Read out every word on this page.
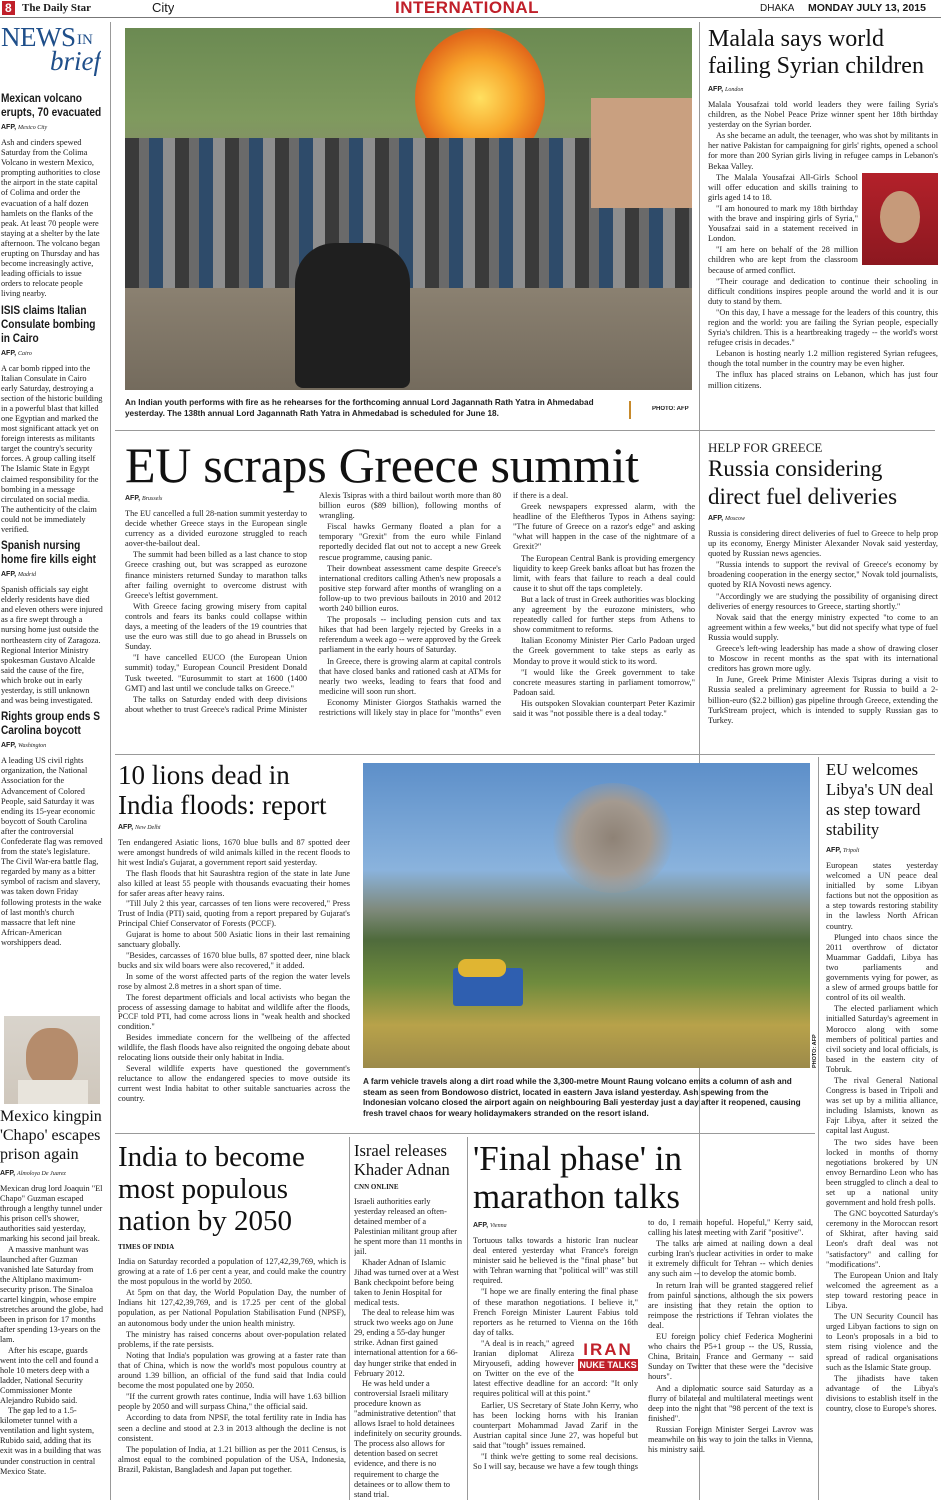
8 The Daily Star	City	INTERNATIONAL	DHAKA MONDAY JULY 13, 2015
NEWS IN
brief
Mexican volcano erupts, 70 evacuated
AFP, Mexico City
Ash and cinders spewed Saturday from the Colima Volcano in western Mexico, prompting authorities to close the airport in the state capital of Colima and order the evacuation of a half dozen hamlets on the flanks of the peak. At least 70 people were staying at a shelter by the late afternoon. The volcano began erupting on Thursday and has become increasingly active, leading officials to issue orders to relocate people living nearby.
ISIS claims Italian Consulate bombing in Cairo
AFP, Cairo
A car bomb ripped into the Italian Consulate in Cairo early Saturday, destroying a section of the historic building in a powerful blast that killed one Egyptian and marked the most significant attack yet on foreign interests as militants target the country's security forces. A group calling itself The Islamic State in Egypt claimed responsibility for the bombing in a message circulated on social media. The authenticity of the claim could not be immediately verified.
Spanish nursing home fire kills eight
AFP, Madrid
Spanish officials say eight elderly residents have died and eleven others were injured as a fire swept through a nursing home just outside the northeastern city of Zaragoza. Regional Interior Ministry spokesman Gustavo Alcalde said the cause of the fire, which broke out in early yesterday, is still unknown and was being investigated.
Rights group ends S Carolina boycott
AFP, Washington
A leading US civil rights organization, the National Association for the Advancement of Colored People, said Saturday it was ending its 15-year economic boycott of South Carolina after the controversial Confederate flag was removed from the state's legislature. The Civil War-era battle flag, regarded by many as a bitter symbol of racism and slavery, was taken down Friday following protests in the wake of last month's church massacre that left nine African-American worshippers dead.
An Indian youth performs with fire as he rehearses for the forthcoming annual Lord Jagannath Rath Yatra in Ahmedabad yesterday. The 138th annual Lord Jagannath Rath Yatra in Ahmedabad is scheduled for June 18.	PHOTO: AFP
Malala says world failing Syrian children
AFP, London

Malala Yousafzai told world leaders they were failing Syria's children, as the Nobel Peace Prize winner spent her 18th birthday yesterday on the Syrian border.

As she became an adult, the teenager, who was shot by militants in her native Pakistan for campaigning for girls' rights, opened a school for more than 200 Syrian girls living in refugee camps in Lebanon's Bekaa Valley.

The Malala Yousafzai All-Girls School will offer education and skills training to girls aged 14 to 18.

"I am honoured to mark my 18th birthday with the brave and inspiring girls of Syria," Yousafzai said in a statement received in London.

"I am here on behalf of the 28 million children who are kept from the classroom because of armed conflict.

"Their courage and dedication to continue their schooling in difficult conditions inspires people around the world and it is our duty to stand by them.

"On this day, I have a message for the leaders of this country, this region and the world: you are failing the Syrian people, especially Syria's children. This is a heartbreaking tragedy -- the world's worst refugee crisis in decades."

Lebanon is hosting nearly 1.2 million registered Syrian refugees, though the total number in the country may be even higher.

The influx has placed strains on Lebanon, which has just four million citizens.

EU scraps Greece summit
AFP, Brussels

The EU cancelled a full 28-nation summit yesterday to decide whether Greece stays in the European single currency as a divided eurozone struggled to reach aover-the-bailout deal.

The summit had been billed as a last chance to stop Greece crashing out, but was scrapped as eurozone finance ministers returned Sunday to marathon talks after failing overnight to overcome distrust with Greece's leftist government.

With Greece facing growing misery from capital controls and fears its banks could collapse within days, a meeting of the leaders of the 19 countries that use the euro was still due to go ahead in Brussels on Sunday.

"I have cancelled EUCO (the European Union summit) today," European Council President Donald Tusk tweeted. "Eurosummit to start at 1600 (1400 GMT) and last until we conclude talks on Greece."

The talks on Saturday ended with deep divisions about whether to trust Greece's radical Prime Minister Alexis Tsipras with a third bailout worth more than 80 billion euros ($89 billion), following months of wrangling.

Fiscal hawks Germany floated a plan for a temporary "Grexit" from the euro while Finland reportedly decided flat out not to accept a new Greek rescue programme, causing panic.

Their downbeat assessment came despite Greece's international creditors calling Athen's new proposals a positive step forward after months of wrangling on a follow-up to two previous bailouts in 2010 and 2012 worth 240 billion euros.

The proposals -- including pension cuts and tax hikes that had been largely rejected by Greeks in a referendum a week ago -- were approved by the Greek parliament in the early hours of Saturday.

In Greece, there is growing alarm at capital controls that have closed banks and rationed cash at ATMs for nearly two weeks, leading to fears that food and medicine will soon run short.

Economy Minister Giorgos Stathakis warned the restrictions will likely stay in place for "months" even if there is a deal.

Greek newspapers expressed alarm, with the headline of the Eleftheros Typos in Athens saying: "The future of Greece on a razor's edge" and asking "what will happen in the case of the nightmare of a Grexit?"

The European Central Bank is providing emergency liquidity to keep Greek banks afloat but has frozen the limit, with fears that failure to reach a deal could cause it to shut off the taps completely.

But a lack of trust in Greek authorities was blocking any agreement by the eurozone ministers, who repeatedly called for further steps from Athens to show commitment to reforms.

Italian Economy Minister Pier Carlo Padoan urged the Greek government to take steps as early as Monday to prove it would stick to its word.

"I would like the Greek government to take concrete measures starting in parliament tomorrow," Padoan said.

His outspoken Slovakian counterpart Peter Kazimir said it was "not possible there is a deal today."

HELP FOR GREECE
Russia considering direct fuel deliveries
AFP, Moscow

Russia is considering direct deliveries of fuel to Greece to help prop up its economy, Energy Minister Alexander Novak said yesterday, quoted by Russian news agencies.

"Russia intends to support the revival of Greece's economy by broadening cooperation in the energy sector," Novak told journalists, quoted by RIA Novosti news agency.

"Accordingly we are studying the possibility of organising direct deliveries of energy resources to Greece, starting shortly."

Novak said that the energy ministry expected "to come to an agreement within a few weeks," but did not specify what type of fuel Russia would supply.

Greece's left-wing leadership has made a show of drawing closer to Moscow in recent months as the spat with its international creditors has grown more ugly.

In June, Greek Prime Minister Alexis Tsipras during a visit to Russia sealed a preliminary agreement for Russia to build a 2-billion-euro ($2.2 billion) gas pipeline through Greece, extending the TurkStream project, which is intended to supply Russian gas to Turkey.

10 lions dead in India floods: report
AFP, New Delhi

Ten endangered Asiatic lions, 1670 blue bulls and 87 spotted deer were amongst hundreds of wild animals killed in the recent floods to hit west India's Gujarat, a government report said yesterday.

The flash floods that hit Saurashtra region of the state in late June also killed at least 55 people with thousands evacuating their homes for safer areas after heavy rains.

"Till July 2 this year, carcasses of ten lions were recovered," Press Trust of India (PTI) said, quoting from a report prepared by Gujarat's Principal Chief Conservator of Forests (PCCF).

Gujarat is home to about 500 Asiatic lions in their last remaining sanctuary globally.

"Besides, carcasses of 1670 blue bulls, 87 spotted deer, nine black bucks and six wild boars were also recovered," it added.

In some of the worst affected parts of the region the water levels rose by almost 2.8 metres in a short span of time.

The forest department officials and local activists who began the process of assessing damage to habitat and wildlife after the floods, PCCF told PTI, had come across lions in "weak health and shocked condition."

Besides immediate concern for the wellbeing of the affected wildlife, the flash floods have also reignited the ongoing debate about relocating lions outside their only habitat in India.

Several wildlife experts have questioned the government's reluctance to allow the endangered species to move outside its current west India habitat to other suitable sanctuaries across the country.

PHOTO: AFP
A farm vehicle travels along a dirt road while the 3,300-metre Mount Raung volcano emits a column of ash and steam as seen from Bondowoso district, located in eastern Java island yesterday. Ash spewing from the Indonesian volcano closed the airport again on neighbouring Bali yesterday just a day after it reopened, causing fresh travel chaos for weary holidaymakers stranded on the resort island.
EU welcomes Libya's UN deal as step toward stability
AFP, Tripoli

European states yesterday welcomed a UN peace deal initialled by some Libyan factions but not the opposition as a step towards restoring stability in the lawless North African country.

Plunged into chaos since the 2011 overthrow of dictator Muammar Gaddafi, Libya has two parliaments and governments vying for power, as a slew of armed groups battle for control of its oil wealth.

The elected parliament which initialled Saturday's agreement in Morocco along with some members of political parties and civil society and local officials, is based in the eastern city of Tobruk.

The rival General National Congress is based in Tripoli and was set up by a militia alliance, including Islamists, known as Fajr Libya, after it seized the capital last August.

The two sides have been locked in months of thorny negotiations brokered by UN envoy Bernardino Leon who has been struggled to clinch a deal to set up a national unity government and hold fresh polls.

The GNC boycotted Saturday's ceremony in the Moroccan resort of Skhirat, after having said Leon's draft deal was not "satisfactory" and calling for "modifications".

The European Union and Italy welcomed the agreement as a step toward restoring peace in Libya.

The UN Security Council has urged Libyan factions to sign on to Leon's proposals in a bid to stem rising violence and the spread of radical organisations such as the Islamic State group.

The jihadists have taken advantage of the Libya's divisions to establish itself in the country, close to Europe's shores.

Mexico kingpin 'Chapo' escapes prison again
AFP, Almoloya De Juarez

Mexican drug lord Joaquin "El Chapo" Guzman escaped through a lengthy tunnel under his prison cell's shower, authorities said yesterday, marking his second jail break.

A massive manhunt was launched after Guzman vanished late Saturday from the Altiplano maximum-security prison. The Sinaloa cartel kingpin, whose empire stretches around the globe, had been in prison for 17 months after spending 13-years on the lam.

After his escape, guards went into the cell and found a hole 10 meters deep with a ladder, National Security Commissioner Monte Alejandro Rubido said.

The gap led to a 1.5-kilometer tunnel with a ventilation and light system, Rubido said, adding that its exit was in a building that was under construction in central Mexico State.

India to become most populous nation by 2050
TIMES OF INDIA

India on Saturday recorded a population of 127,42,39,769, which is growing at a rate of 1.6 per cent a year, and could make the country the most populous in the world by 2050.

At 5pm on that day, the World Population Day, the number of Indians hit 127,42,39,769, and is 17.25 per cent of the global population, as per National Population Stabilisation Fund (NPSF), an autonomous body under the union health ministry.

The ministry has raised concerns about over-population related problems, if the rate persists.

Noting that India's population was growing at a faster rate than that of China, which is now the world's most populous country at around 1.39 billion, an official of the fund said that India could become the most populated one by 2050.

"If the current growth rates continue, India will have 1.63 billion people by 2050 and will surpass China," the official said.

According to data from NPSF, the total fertility rate in India has seen a decline and stood at 2.3 in 2013 although the decline is not consistent.

The population of India, at 1.21 billion as per the 2011 Census, is almost equal to the combined population of the USA, Indonesia, Brazil, Pakistan, Bangladesh and Japan put together.

Israel releases Khader Adnan
CNN ONLINE

Israeli authorities early yesterday released an often-detained member of a Palestinian militant group after he spent more than 11 months in jail.

Khader Adnan of Islamic Jihad was turned over at a West Bank checkpoint before being taken to Jenin Hospital for medical tests.

The deal to release him was struck two weeks ago on June 29, ending a 55-day hunger strike. Adnan first gained international attention for a 66-day hunger strike that ended in February 2012.

He was held under a controversial Israeli military procedure known as "administrative detention" that allows Israel to hold detainees indefinitely on security grounds. The process also allows for detention based on secret evidence, and there is no requirement to charge the detainees or to allow them to stand trial.

'Final phase' in marathon talks
AFP, Vienna

Tortuous talks towards a historic Iran nuclear deal entered yesterday what France's foreign minister said he believed is the "final phase" but with Tehran warning that "political will" was still required.

"I hope we are finally entering the final phase of these marathon negotiations. I believe it," French Foreign Minister Laurent Fabius told reporters as he returned to Vienna on the 16th day of talks.

IRAN
NUKE TALKS

"A deal is in reach," agreed Iranian diplomat Alireza Miryousefi, adding however on Twitter on the eve of the latest effective deadline for an accord: "It only requires political will at this point."

Earlier, US Secretary of State John Kerry, who has been locking horns with his Iranian counterpart Mohammad Javad Zarif in the Austrian capital since June 27, was hopeful but said that "tough" issues remained.

"I think we're getting to some real decisions. So I will say, because we have a few tough things to do, I remain hopeful. Hopeful," Kerry said, calling his latest meeting with Zarif "positive".

The talks are aimed at nailing down a deal curbing Iran's nuclear activities in order to make it extremely difficult for Tehran -- which denies any such aim -- to develop the atomic bomb.

In return Iran will be granted staggered relief from painful sanctions, although the six powers are insisting that they retain the option to reimpose the restrictions if Tehran violates the deal.

EU foreign policy chief Federica Mogherini who chairs the P5+1 group -- the US, Russia, China, Britain, France and Germany -- said Sunday on Twitter that these were the "decisive hours".

And a diplomatic source said Saturday as a flurry of bilateral and multilateral meetings went deep into the night that "98 percent of the text is finished".

Russian Foreign Minister Sergei Lavrov was meanwhile on his way to join the talks in Vienna, his ministry said.
